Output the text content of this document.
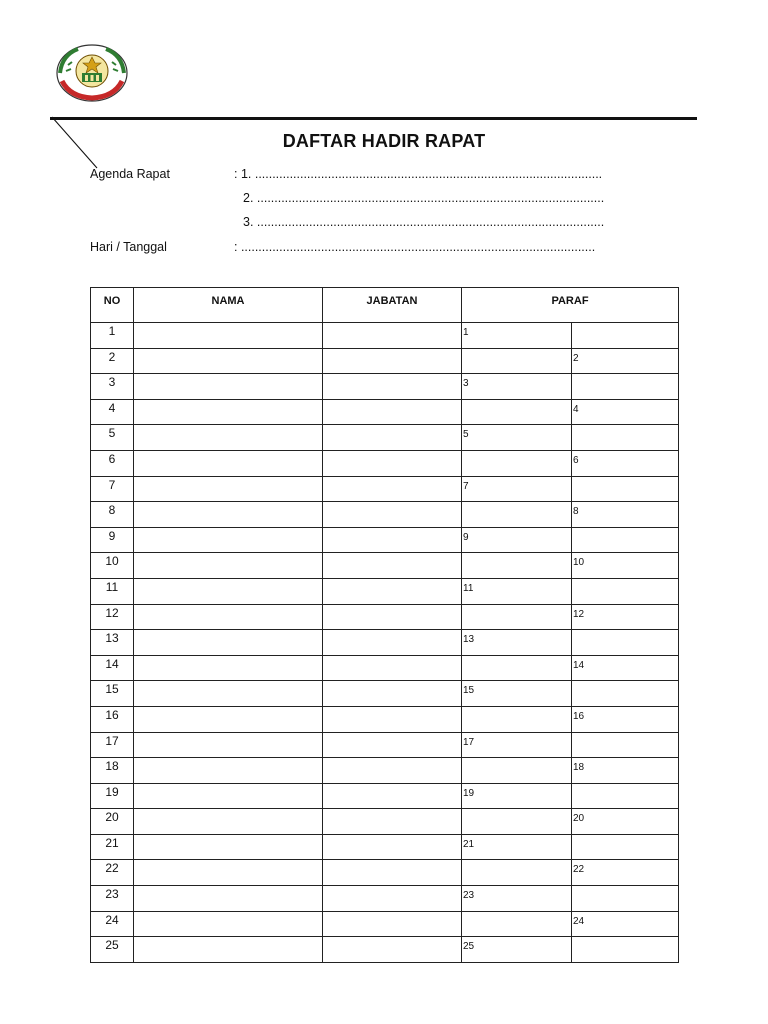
DAFTAR HADIR RAPAT
Agenda Rapat	: 1. ....................................................................................................
2. ....................................................................................................
3. ....................................................................................................
Hari / Tanggal	: ......................................................................................................
NO	NAMA	JABATAN	PARAF	
1			1	
2				2
3			3	
4				4
5			5	
6				6
7			7	
8				8
9			9	
10				10
11			11	
12				12
13			13	
14				14
15			15	
16				16
17			17	
18				18
19			19	
20				20
21			21	
22				22
23			23	
24				24
25			25	
